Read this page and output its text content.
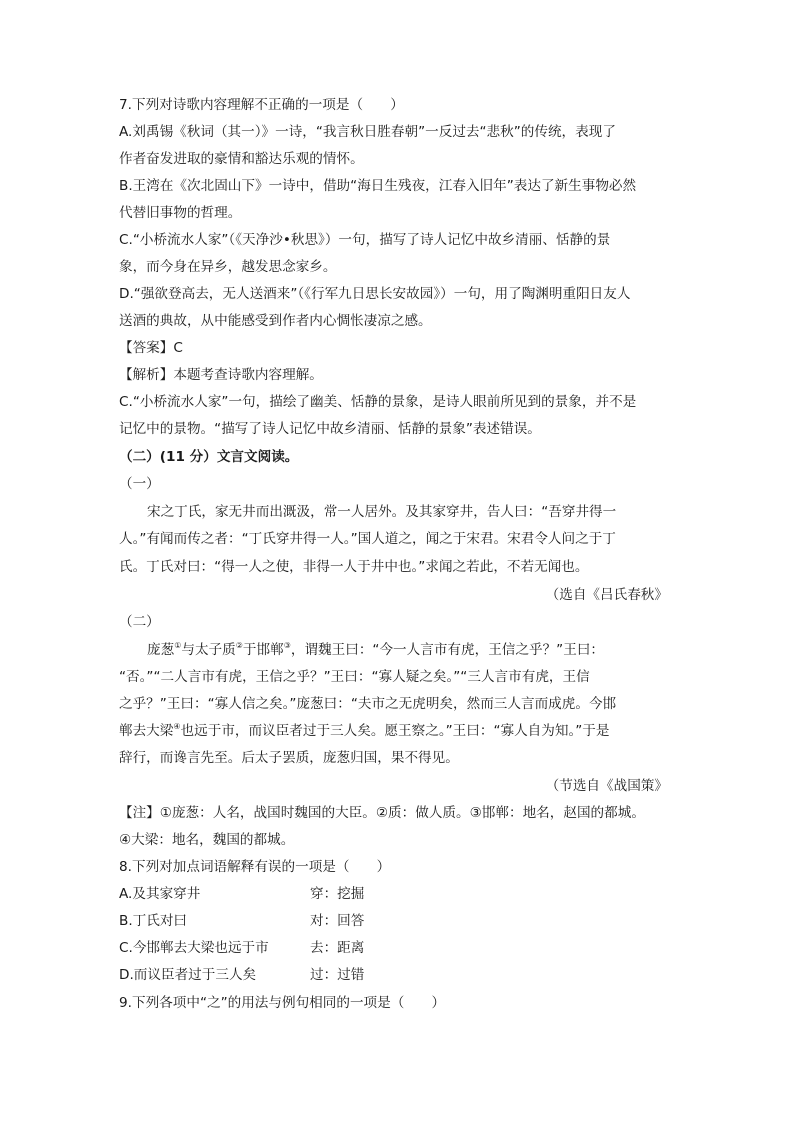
7.下列对诗歌内容理解不正确的一项是（　　）
A.刘禹锡《秋词（其一）》一诗，“我言秋日胜春朝”一反过去“悲秋”的传统，表现了
作者奋发进取的豪情和豁达乐观的情怀。
B.王湾在《次北固山下》一诗中，借助“海日生残夜，江春入旧年”表达了新生事物必然
代替旧事物的哲理。
C.“小桥流水人家”（《天净沙•秋思》）一句，描写了诗人记忆中故乡清丽、恬静的景
象，而今身在异乡，越发思念家乡。
D.“强欲登高去，无人送酒来”（《行军九日思长安故园》）一句，用了陶渊明重阳日友人
送酒的典故，从中能感受到作者内心惆怅凄凉之感。
【答案】C
【解析】本题考查诗歌内容理解。
C.“小桥流水人家”一句，描绘了幽美、恬静的景象，是诗人眼前所见到的景象，并不是
记忆中的景物。“描写了诗人记忆中故乡清丽、恬静的景象”表述错误。
（二）(11 分）文言文阅读。
（一）
宋之丁氏，家无井而出溉汲，常一人居外。及其家穿井，告人曰：“吾穿井得一
人。”有闻而传之者：“丁氏穿井得一人。”国人道之，闻之于宋君。宋君令人问之于丁
氏。丁氏对曰：“得一人之使，非得一人于井中也。”求闻之若此，不若无闻也。
（选自《吕氏春秋》
（二）
庞葱①与太子质②于邯郸③，谓魏王曰：“今一人言市有虎，王信之乎？”王曰：
“否。”“二人言市有虎，王信之乎？”王曰：“寡人疑之矣。”“三人言市有虎，王信
之乎？”王曰：“寡人信之矣。”庞葱曰：“夫市之无虎明矣，然而三人言而成虎。今邯
郸去大梁④也远于市，而议臣者过于三人矣。愿王察之。”王曰：“寡人自为知。”于是
辞行，而谗言先至。后太子罢质，庞葱归国，果不得见。
（节选自《战国策》
【注】①庞葱：人名，战国时魏国的大臣。②质：做人质。③邯郸：地名，赵国的都城。
④大梁：地名，魏国的都城。
8.下列对加点词语解释有误的一项是（　　）
A.及其家穿井	穿：挖掘
B.丁氏对曰	对：回答
C.今邯郸去大梁也远于市	去：距离
D.而议臣者过于三人矣	过：过错
9.下列各项中“之”的用法与例句相同的一项是（　　）
